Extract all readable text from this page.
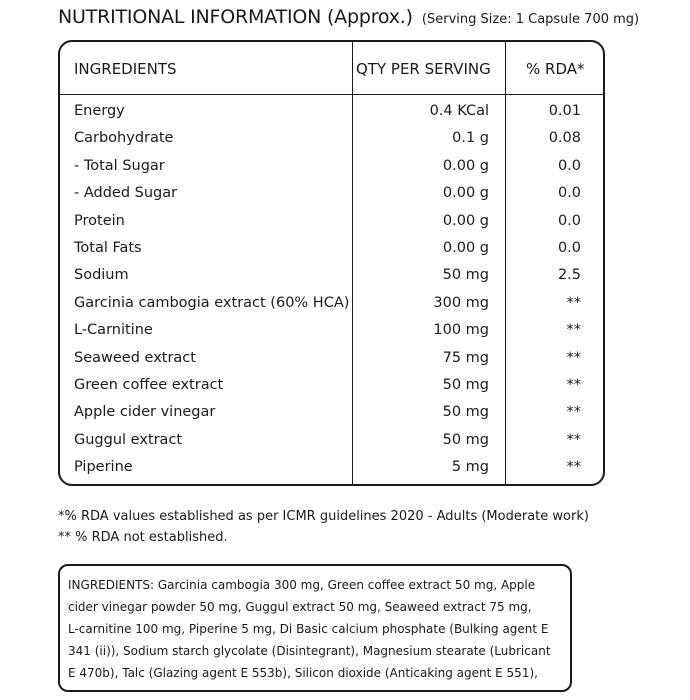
NUTRITIONAL INFORMATION (Approx.) (Serving Size: 1 Capsule 700 mg)
INGREDIENTS	QTY PER SERVING % RDA*
Energy	0.4 KCal	0.01
Carbohydrate	0.1 g	0.08
- Total Sugar	0.00 g	0.0
- Added Sugar	0.00 g	0.0
Protein	0.00 g	0.0
Total Fats	0.00 g	0.0
Sodium	50 mg	2.5
Garcinia cambogia extract (60% HCA)	300 mg	**
L-Carnitine	100 mg	**
Seaweed extract	75 mg	**
Green coffee extract	50 mg	**
Apple cider vinegar	50 mg	**
Guggul extract	50 mg	**
Piperine	5 mg	**
*% RDA values established as per ICMR guidelines 2020 - Adults (Moderate work)
** % RDA not established.
INGREDIENTS: Garcinia cambogia 300 mg, Green coffee extract 50 mg, Apple
cider vinegar powder 50 mg, Guggul extract 50 mg, Seaweed extract 75 mg,
L-carnitine 100 mg, Piperine 5 mg, Di Basic calcium phosphate (Bulking agent E
341 (ii)), Sodium starch glycolate (Disintegrant), Magnesium stearate (Lubricant
E 470b), Talc (Glazing agent E 553b), Silicon dioxide (Anticaking agent E 551),
